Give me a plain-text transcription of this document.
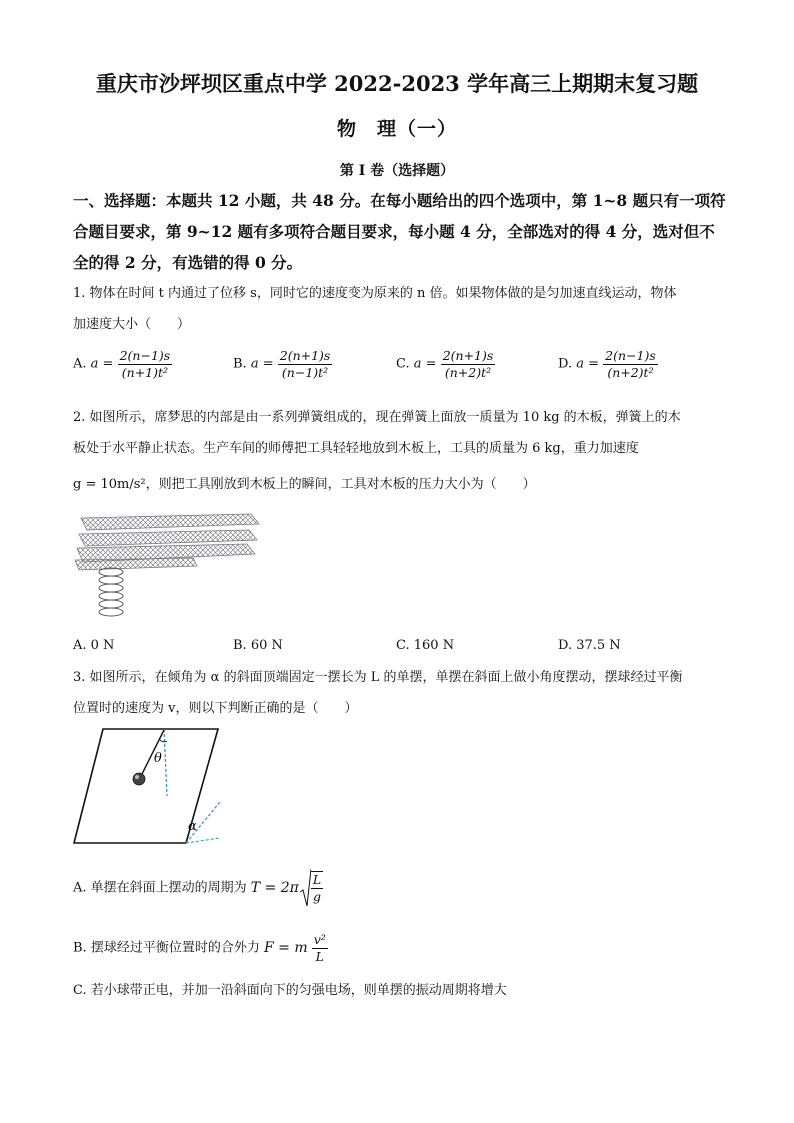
重庆市沙坪坝区重点中学 2022-2023 学年高三上期期末复习题
物　理（一）
第 I 卷（选择题）
一、选择题：本题共 12 小题，共 48 分。在每小题给出的四个选项中，第 1~8 题只有一项符
合题目要求，第 9~12 题有多项符合题目要求，每小题 4 分，全部选对的得 4 分，选对但不
全的得 2 分，有选错的得 0 分。
1. 物体在时间 t 内通过了位移 s，同时它的速度变为原来的 n 倍。如果物体做的是匀加速直线运动，物体
加速度大小（　　）
A. $a = \frac{2(n-1)s}{\text{(n+1)t²}}$	B. $a = \frac{2(n+1)s}{\text{(n−1)t²}}$	C. $a = \frac{2(n+1)s}{\text{(n+2)t²}}$	D. $a = \frac{2(n-1)s}{\text{(n+2)t²}}$
2. 如图所示，席梦思的内部是由一系列弹簧组成的，现在弹簧上面放一质量为 10 kg 的木板，弹簧上的木
板处于水平静止状态。生产车间的师傅把工具轻轻地放到木板上，工具的质量为 6 kg，重力加速度
g = 10m/s²，则把工具刚放到木板上的瞬间，工具对木板的压力大小为（　　）
A. 0 N	B. 60 N	C. 160 N	D. 37.5 N
3. 如图所示，在倾角为 α 的斜面顶端固定一摆长为 L 的单摆，单摆在斜面上做小角度摆动，摆球经过平衡
位置时的速度为 v，则以下判断正确的是（　　）
θ
α
A. 单摆在斜面上摆动的周期为 $T = 2\pi \frac{L}{g}$
B. 摆球经过平衡位置时的合外力 F = m $\frac{\text{v²}}{L}$
C. 若小球带正电，并加一沿斜面向下的匀强电场，则单摆的振动周期将增大
